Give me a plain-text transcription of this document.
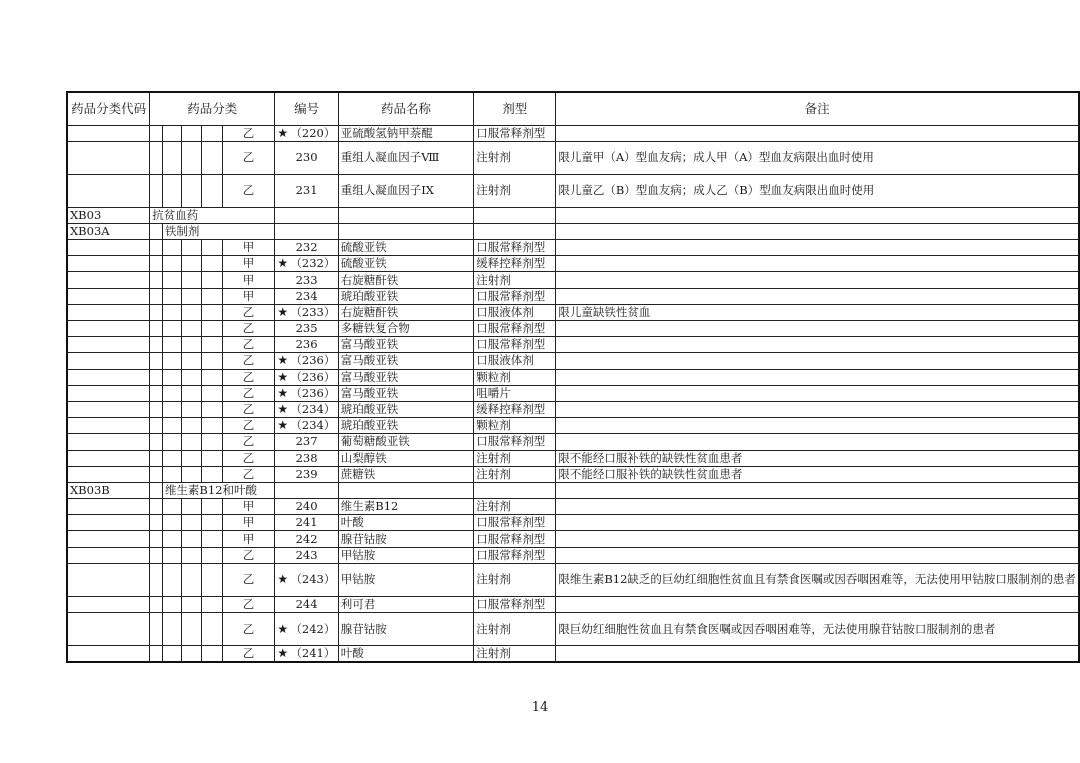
药品分类代码	药品分类					编号	药品名称	剂型	备注
					乙	★ （220）	亚硫酸氢钠甲萘醌	口服常释剂型	
					乙	230	重组人凝血因子Ⅷ	注射剂	限儿童甲（A）型血友病；成人甲（A）型血友病限出血时使用
					乙	231	重组人凝血因子IX	注射剂	限儿童乙（B）型血友病；成人乙（B）型血友病限出血时使用
XB03	抗贫血药								
XB03A		铁制剂							
					甲	232	硫酸亚铁	口服常释剂型	
					甲	★ （232）	硫酸亚铁	缓释控释剂型	
					甲	233	右旋糖酐铁	注射剂	
					甲	234	琥珀酸亚铁	口服常释剂型	
					乙	★ （233）	右旋糖酐铁	口服液体剂	限儿童缺铁性贫血
					乙	235	多糖铁复合物	口服常释剂型	
					乙	236	富马酸亚铁	口服常释剂型	
					乙	★ （236）	富马酸亚铁	口服液体剂	
					乙	★ （236）	富马酸亚铁	颗粒剂	
					乙	★ （236）	富马酸亚铁	咀嚼片	
					乙	★ （234）	琥珀酸亚铁	缓释控释剂型	
					乙	★ （234）	琥珀酸亚铁	颗粒剂	
					乙	237	葡萄糖酸亚铁	口服常释剂型	
					乙	238	山梨醇铁	注射剂	限不能经口服补铁的缺铁性贫血患者
					乙	239	蔗糖铁	注射剂	限不能经口服补铁的缺铁性贫血患者
XB03B		维生素B12和叶酸							
					甲	240	维生素B12	注射剂	
					甲	241	叶酸	口服常释剂型	
					甲	242	腺苷钴胺	口服常释剂型	
					乙	243	甲钴胺	口服常释剂型	
					乙	★ （243）	甲钴胺	注射剂	限维生素B12缺乏的巨幼红细胞性贫血且有禁食医嘱或因吞咽困难等，无法使用甲钴胺口服制剂的患者
					乙	244	利可君	口服常释剂型	
					乙	★ （242）	腺苷钴胺	注射剂	限巨幼红细胞性贫血且有禁食医嘱或因吞咽困难等，无法使用腺苷钴胺口服制剂的患者
					乙	★ （241）	叶酸	注射剂	
14
